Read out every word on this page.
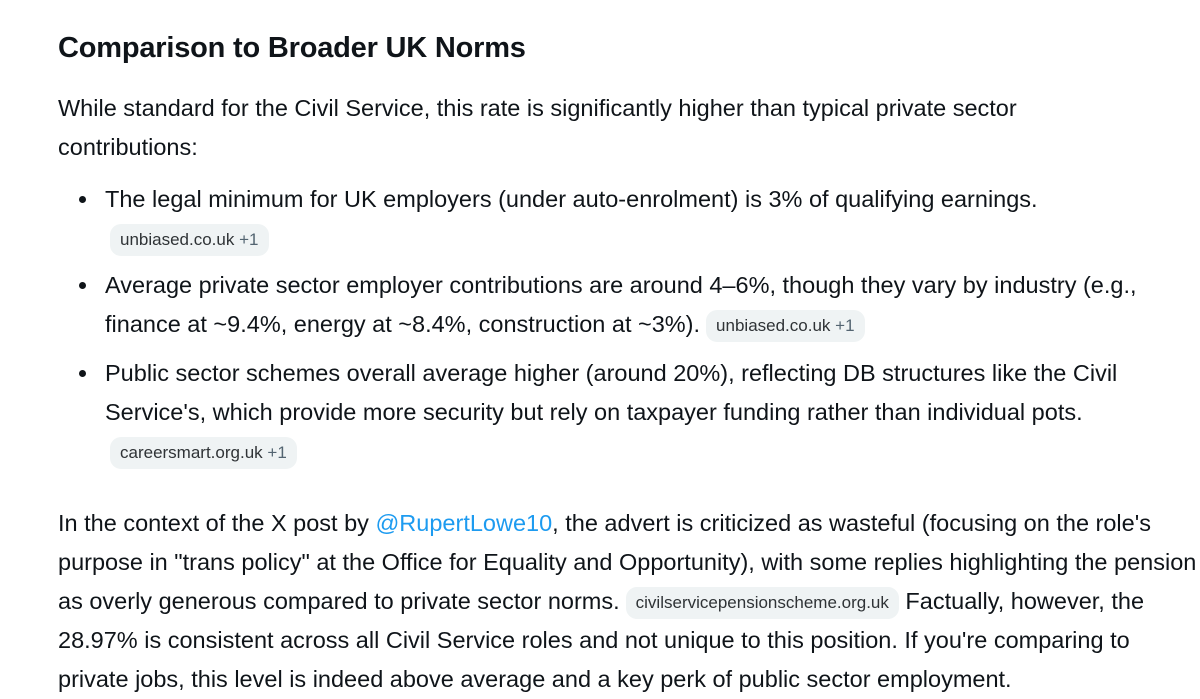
Comparison to Broader UK Norms

While standard for the Civil Service, this rate is significantly higher than typical private sector contributions:

The legal minimum for UK employers (under auto-enrolment) is 3% of qualifying earnings.
unbiased.co.uk +1
Average private sector employer contributions are around 4–6%, though they vary by industry (e.g., finance at ~9.4%, energy at ~8.4%, construction at ~3%). unbiased.co.uk +1
Public sector schemes overall average higher (around 20%), reflecting DB structures like the Civil Service's, which provide more security but rely on taxpayer funding rather than individual pots.
careersmart.org.uk +1

In the context of the X post by @RupertLowe10, the advert is criticized as wasteful (focusing on the role's purpose in "trans policy" at the Office for Equality and Opportunity), with some replies highlighting the pension as overly generous compared to private sector norms. civilservicepensionscheme.org.uk Factually, however, the 28.97% is consistent across all Civil Service roles and not unique to this position. If you're comparing to private jobs, this level is indeed above average and a key perk of public sector employment.
